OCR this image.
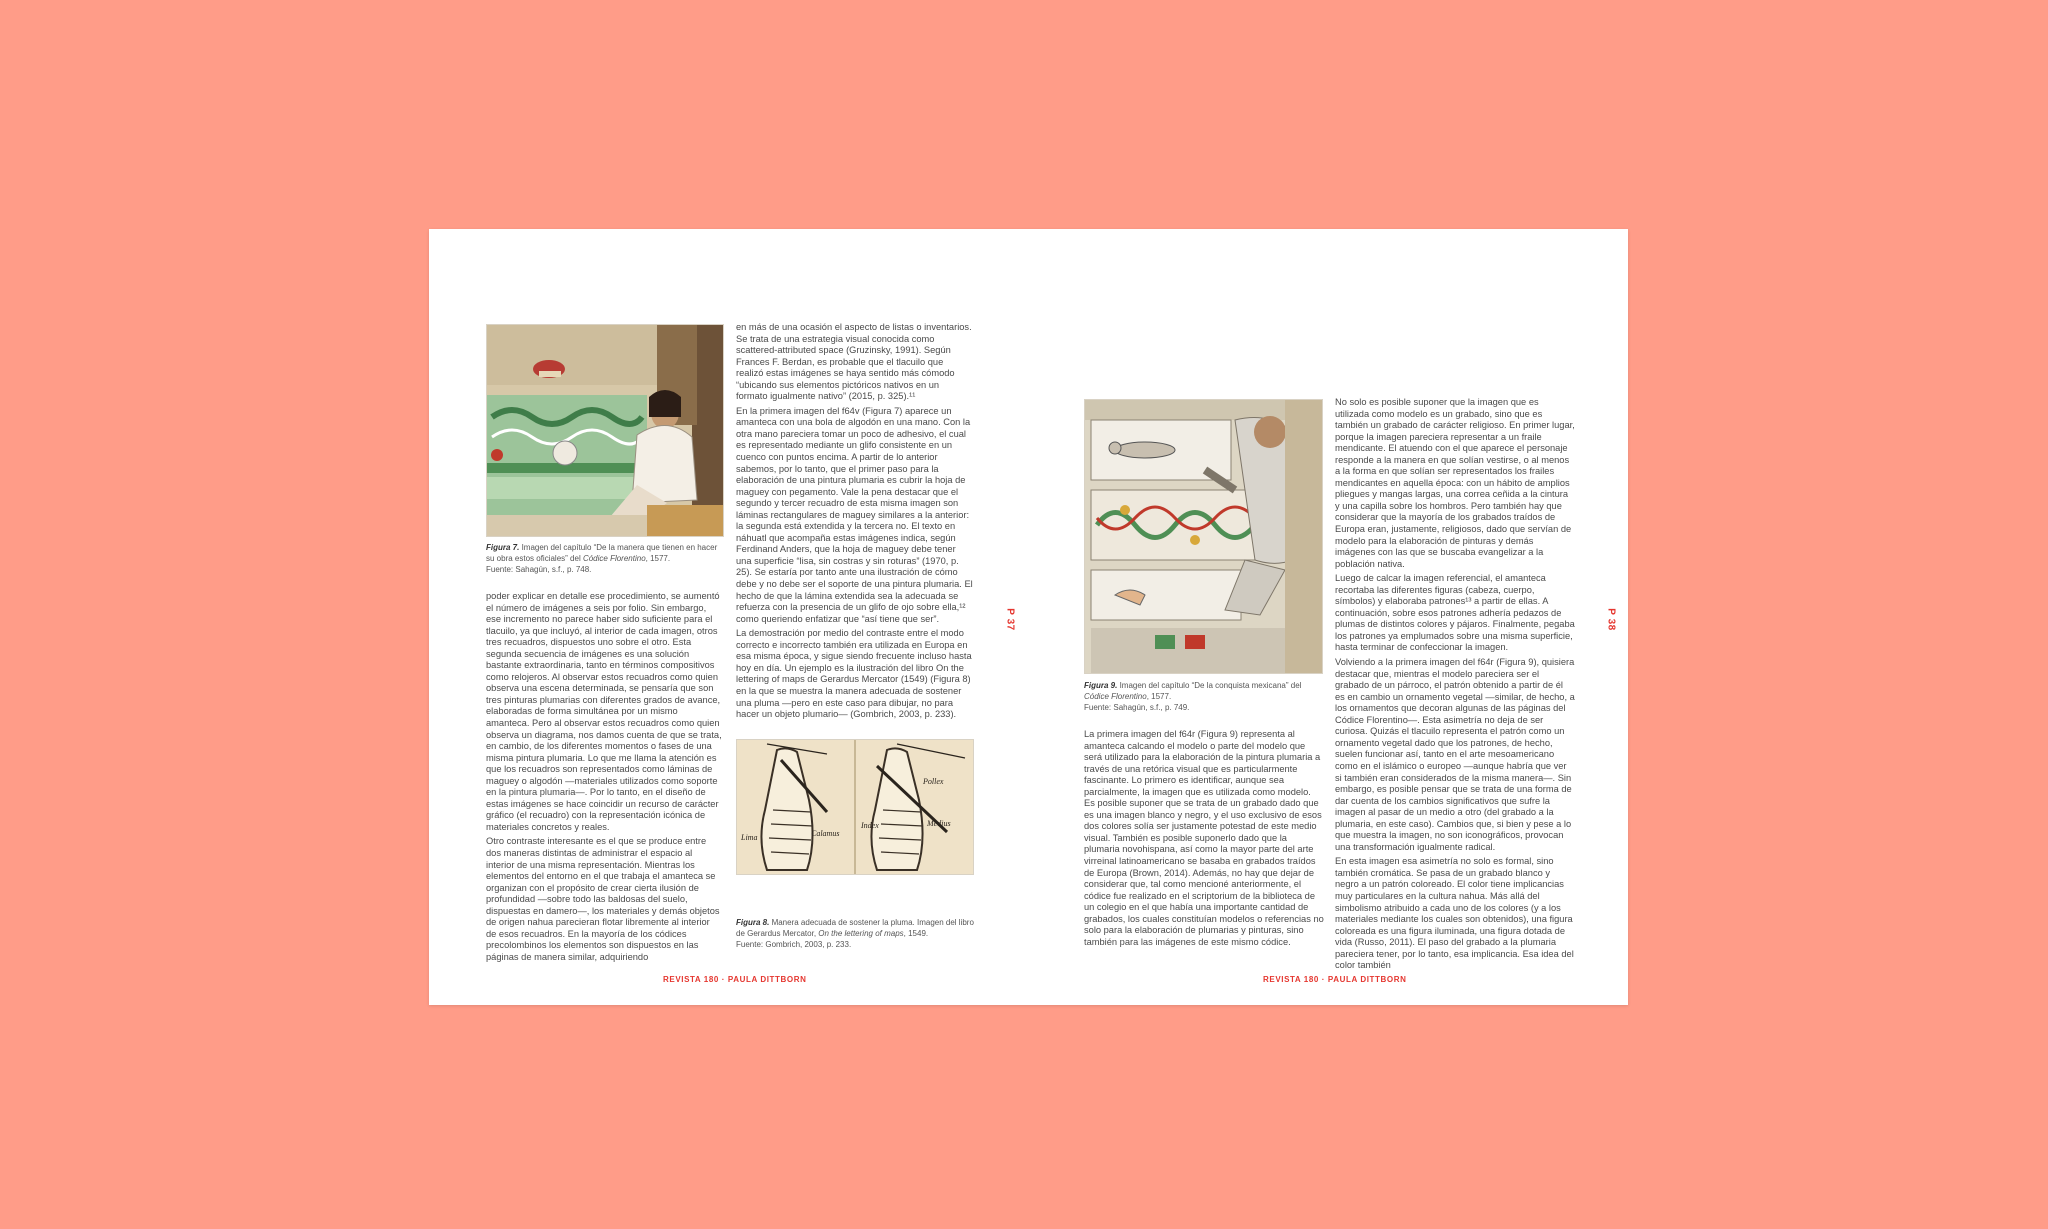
Figura 7. Imagen del capítulo “De la manera que tienen en hacer su obra estos oficiales” del Códice Florentino, 1577.
Fuente: Sahagún, s.f., p. 748.

poder explicar en detalle ese procedimiento, se aumentó el número de imágenes a seis por folio. Sin embargo, ese incremento no parece haber sido suficiente para el tlacuilo, ya que incluyó, al interior de cada imagen, otros tres recuadros, dispuestos uno sobre el otro. Esta segunda secuencia de imágenes es una solución bastante extraordinaria, tanto en términos compositivos como relojeros. Al observar estos recuadros como quien observa una escena determinada, se pensaría que son tres pinturas plumarias con diferentes grados de avance, elaboradas de forma simultánea por un mismo amanteca. Pero al observar estos recuadros como quien observa un diagrama, nos damos cuenta de que se trata, en cambio, de los diferentes momentos o fases de una misma pintura plumaria. Lo que me llama la atención es que los recuadros son representados como láminas de maguey o algodón —materiales utilizados como soporte en la pintura plumaria—. Por lo tanto, en el diseño de estas imágenes se hace coincidir un recurso de carácter gráfico (el recuadro) con la representación icónica de materiales concretos y reales.

Otro contraste interesante es el que se produce entre dos maneras distintas de administrar el espacio al interior de una misma representación. Mientras los elementos del entorno en el que trabaja el amanteca se organizan con el propósito de crear cierta ilusión de profundidad —sobre todo las baldosas del suelo, dispuestas en damero—, los materiales y demás objetos de origen nahua parecieran flotar libremente al interior de esos recuadros. En la mayoría de los códices precolombinos los elementos son dispuestos en las páginas de manera similar, adquiriendo

en más de una ocasión el aspecto de listas o inventarios. Se trata de una estrategia visual conocida como scattered-attributed space (Gruzinsky, 1991). Según Frances F. Berdan, es probable que el tlacuilo que realizó estas imágenes se haya sentido más cómodo “ubicando sus elementos pictóricos nativos en un formato igualmente nativo” (2015, p. 325).¹¹

En la primera imagen del f64v (Figura 7) aparece un amanteca con una bola de algodón en una mano. Con la otra mano pareciera tomar un poco de adhesivo, el cual es representado mediante un glifo consistente en un cuenco con puntos encima. A partir de lo anterior sabemos, por lo tanto, que el primer paso para la elaboración de una pintura plumaria es cubrir la hoja de maguey con pegamento. Vale la pena destacar que el segundo y tercer recuadro de esta misma imagen son láminas rectangulares de maguey similares a la anterior: la segunda está extendida y la tercera no. El texto en náhuatl que acompaña estas imágenes indica, según Ferdinand Anders, que la hoja de maguey debe tener una superficie “lisa, sin costras y sin roturas” (1970, p. 25). Se estaría por tanto ante una ilustración de cómo debe y no debe ser el soporte de una pintura plumaria. El hecho de que la lámina extendida sea la adecuada se refuerza con la presencia de un glifo de ojo sobre ella,¹² como queriendo enfatizar que “así tiene que ser”.

La demostración por medio del contraste entre el modo correcto e incorrecto también era utilizada en Europa en esa misma época, y sigue siendo frecuente incluso hasta hoy en día. Un ejemplo es la ilustración del libro On the lettering of maps de Gerardus Mercator (1549) (Figura 8) en la que se muestra la manera adecuada de sostener una pluma —pero en este caso para dibujar, no para hacer un objeto plumario— (Gombrich, 2003, p. 233).

Lima	Calamus
Pollex
Index	Medius
Figura 8. Manera adecuada de sostener la pluma. Imagen del libro de Gerardus Mercator, On the lettering of maps, 1549.
Fuente: Gombrich, 2003, p. 233.
P 37
REVISTA 180 · PAULA DITTBORN
Figura 9. Imagen del capítulo “De la conquista mexicana” del Códice Florentino, 1577.
Fuente: Sahagún, s.f., p. 749.

La primera imagen del f64r (Figura 9) representa al amanteca calcando el modelo o parte del modelo que será utilizado para la elaboración de la pintura plumaria a través de una retórica visual que es particularmente fascinante. Lo primero es identificar, aunque sea parcialmente, la imagen que es utilizada como modelo. Es posible suponer que se trata de un grabado dado que es una imagen blanco y negro, y el uso exclusivo de esos dos colores solía ser justamente potestad de este medio visual. También es posible suponerlo dado que la plumaria novohispana, así como la mayor parte del arte virreinal latinoamericano se basaba en grabados traídos de Europa (Brown, 2014). Además, no hay que dejar de considerar que, tal como mencioné anteriormente, el códice fue realizado en el scriptorium de la biblioteca de un colegio en el que había una importante cantidad de grabados, los cuales constituían modelos o referencias no solo para la elaboración de plumarias y pinturas, sino también para las imágenes de este mismo códice.

No solo es posible suponer que la imagen que es utilizada como modelo es un grabado, sino que es también un grabado de carácter religioso. En primer lugar, porque la imagen pareciera representar a un fraile mendicante. El atuendo con el que aparece el personaje responde a la manera en que solían vestirse, o al menos a la forma en que solían ser representados los frailes mendicantes en aquella época: con un hábito de amplios pliegues y mangas largas, una correa ceñida a la cintura y una capilla sobre los hombros. Pero también hay que considerar que la mayoría de los grabados traídos de Europa eran, justamente, religiosos, dado que servían de modelo para la elaboración de pinturas y demás imágenes con las que se buscaba evangelizar a la población nativa.

Luego de calcar la imagen referencial, el amanteca recortaba las diferentes figuras (cabeza, cuerpo, símbolos) y elaboraba patrones¹³ a partir de ellas. A continuación, sobre esos patrones adhería pedazos de plumas de distintos colores y pájaros. Finalmente, pegaba los patrones ya emplumados sobre una misma superficie, hasta terminar de confeccionar la imagen.

Volviendo a la primera imagen del f64r (Figura 9), quisiera destacar que, mientras el modelo pareciera ser el grabado de un párroco, el patrón obtenido a partir de él es en cambio un ornamento vegetal —similar, de hecho, a los ornamentos que decoran algunas de las páginas del Códice Florentino—. Esta asimetría no deja de ser curiosa. Quizás el tlacuilo representa el patrón como un ornamento vegetal dado que los patrones, de hecho, suelen funcionar así, tanto en el arte mesoamericano como en el islámico o europeo —aunque habría que ver si también eran considerados de la misma manera—. Sin embargo, es posible pensar que se trata de una forma de dar cuenta de los cambios significativos que sufre la imagen al pasar de un medio a otro (del grabado a la plumaria, en este caso). Cambios que, si bien y pese a lo que muestra la imagen, no son iconográficos, provocan una transformación igualmente radical.

En esta imagen esa asimetría no solo es formal, sino también cromática. Se pasa de un grabado blanco y negro a un patrón coloreado. El color tiene implicancias muy particulares en la cultura nahua. Más allá del simbolismo atribuido a cada uno de los colores (y a los materiales mediante los cuales son obtenidos), una figura coloreada es una figura iluminada, una figura dotada de vida (Russo, 2011). El paso del grabado a la plumaria pareciera tener, por lo tanto, esa implicancia. Esa idea del color también

P 38
REVISTA 180 · PAULA DITTBORN
